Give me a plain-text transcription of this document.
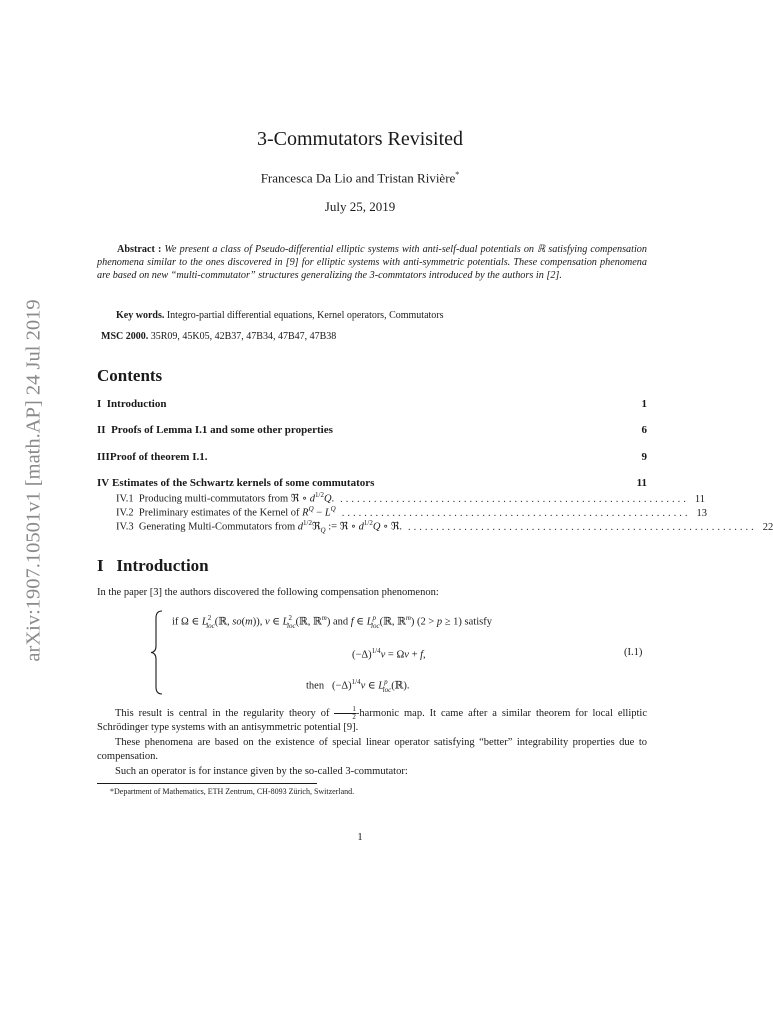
arXiv:1907.10501v1 [math.AP] 24 Jul 2019
3-Commutators Revisited
Francesca Da Lio and Tristan Rivière*
July 25, 2019
Abstract : We present a class of Pseudo-differential elliptic systems with anti-self-dual potentials on ℝ satisfying compensation phenomena similar to the ones discovered in [9] for elliptic systems with anti-symmetric potentials. These compensation phenomena are based on new “multi-commutator” structures generalizing the 3-commtators introduced by the authors in [2].
Key words. Integro-partial differential equations, Kernel operators, Commutators
MSC 2000. 35R09, 45K05, 42B37, 47B34, 47B47, 47B38
Contents
I Introduction	1
II Proofs of Lemma I.1 and some other properties	6
IIIProof of theorem I.1.	9
IV Estimates of the Schwartz kernels of some commutators	11
IV.1  Producing multi-commutators from ℜ ∘ $d^{1/2}Q$. .............................................................. 11
IV.2  Preliminary estimates of the Kernel of $R^Q - L^Q$ .............................................................. 13
IV.3  Generating Multi-Commutators from $d^{1/2}ℜ_Q$ := ℜ ∘ $d^{1/2}Q$ ∘ ℜ. .............................................................. 22
I Introduction
In the paper [3] the authors discovered the following compensation phenomenon:
if Ω ∈ $L^2_{loc}(ℝ$, so(m)), v ∈ $L^2_{loc}(ℝ$, ℝ$^m$) and f ∈ $L^p_{loc}(ℝ$, ℝ$^m$) (2 > p ≥ 1) satisfy
$(-\Delta)^{1/4}v = \Omega v + f$,	(I.1)
then   $(-\Delta)^{1/4}v$ ∈ $L^p_{loc}(ℝ)$.
This result is central in the regularity theory of $\frac{1}{2}$ -harmonic map. It came after a similar theorem for local elliptic Schrödinger type systems with an antisymmetric potential [9].
These phenomena are based on the existence of special linear operator satisfying “better” integrability properties due to compensation.
Such an operator is for instance given by the so-called 3-commutator:
*Department of Mathematics, ETH Zentrum, CH-8093 Zürich, Switzerland.
1
